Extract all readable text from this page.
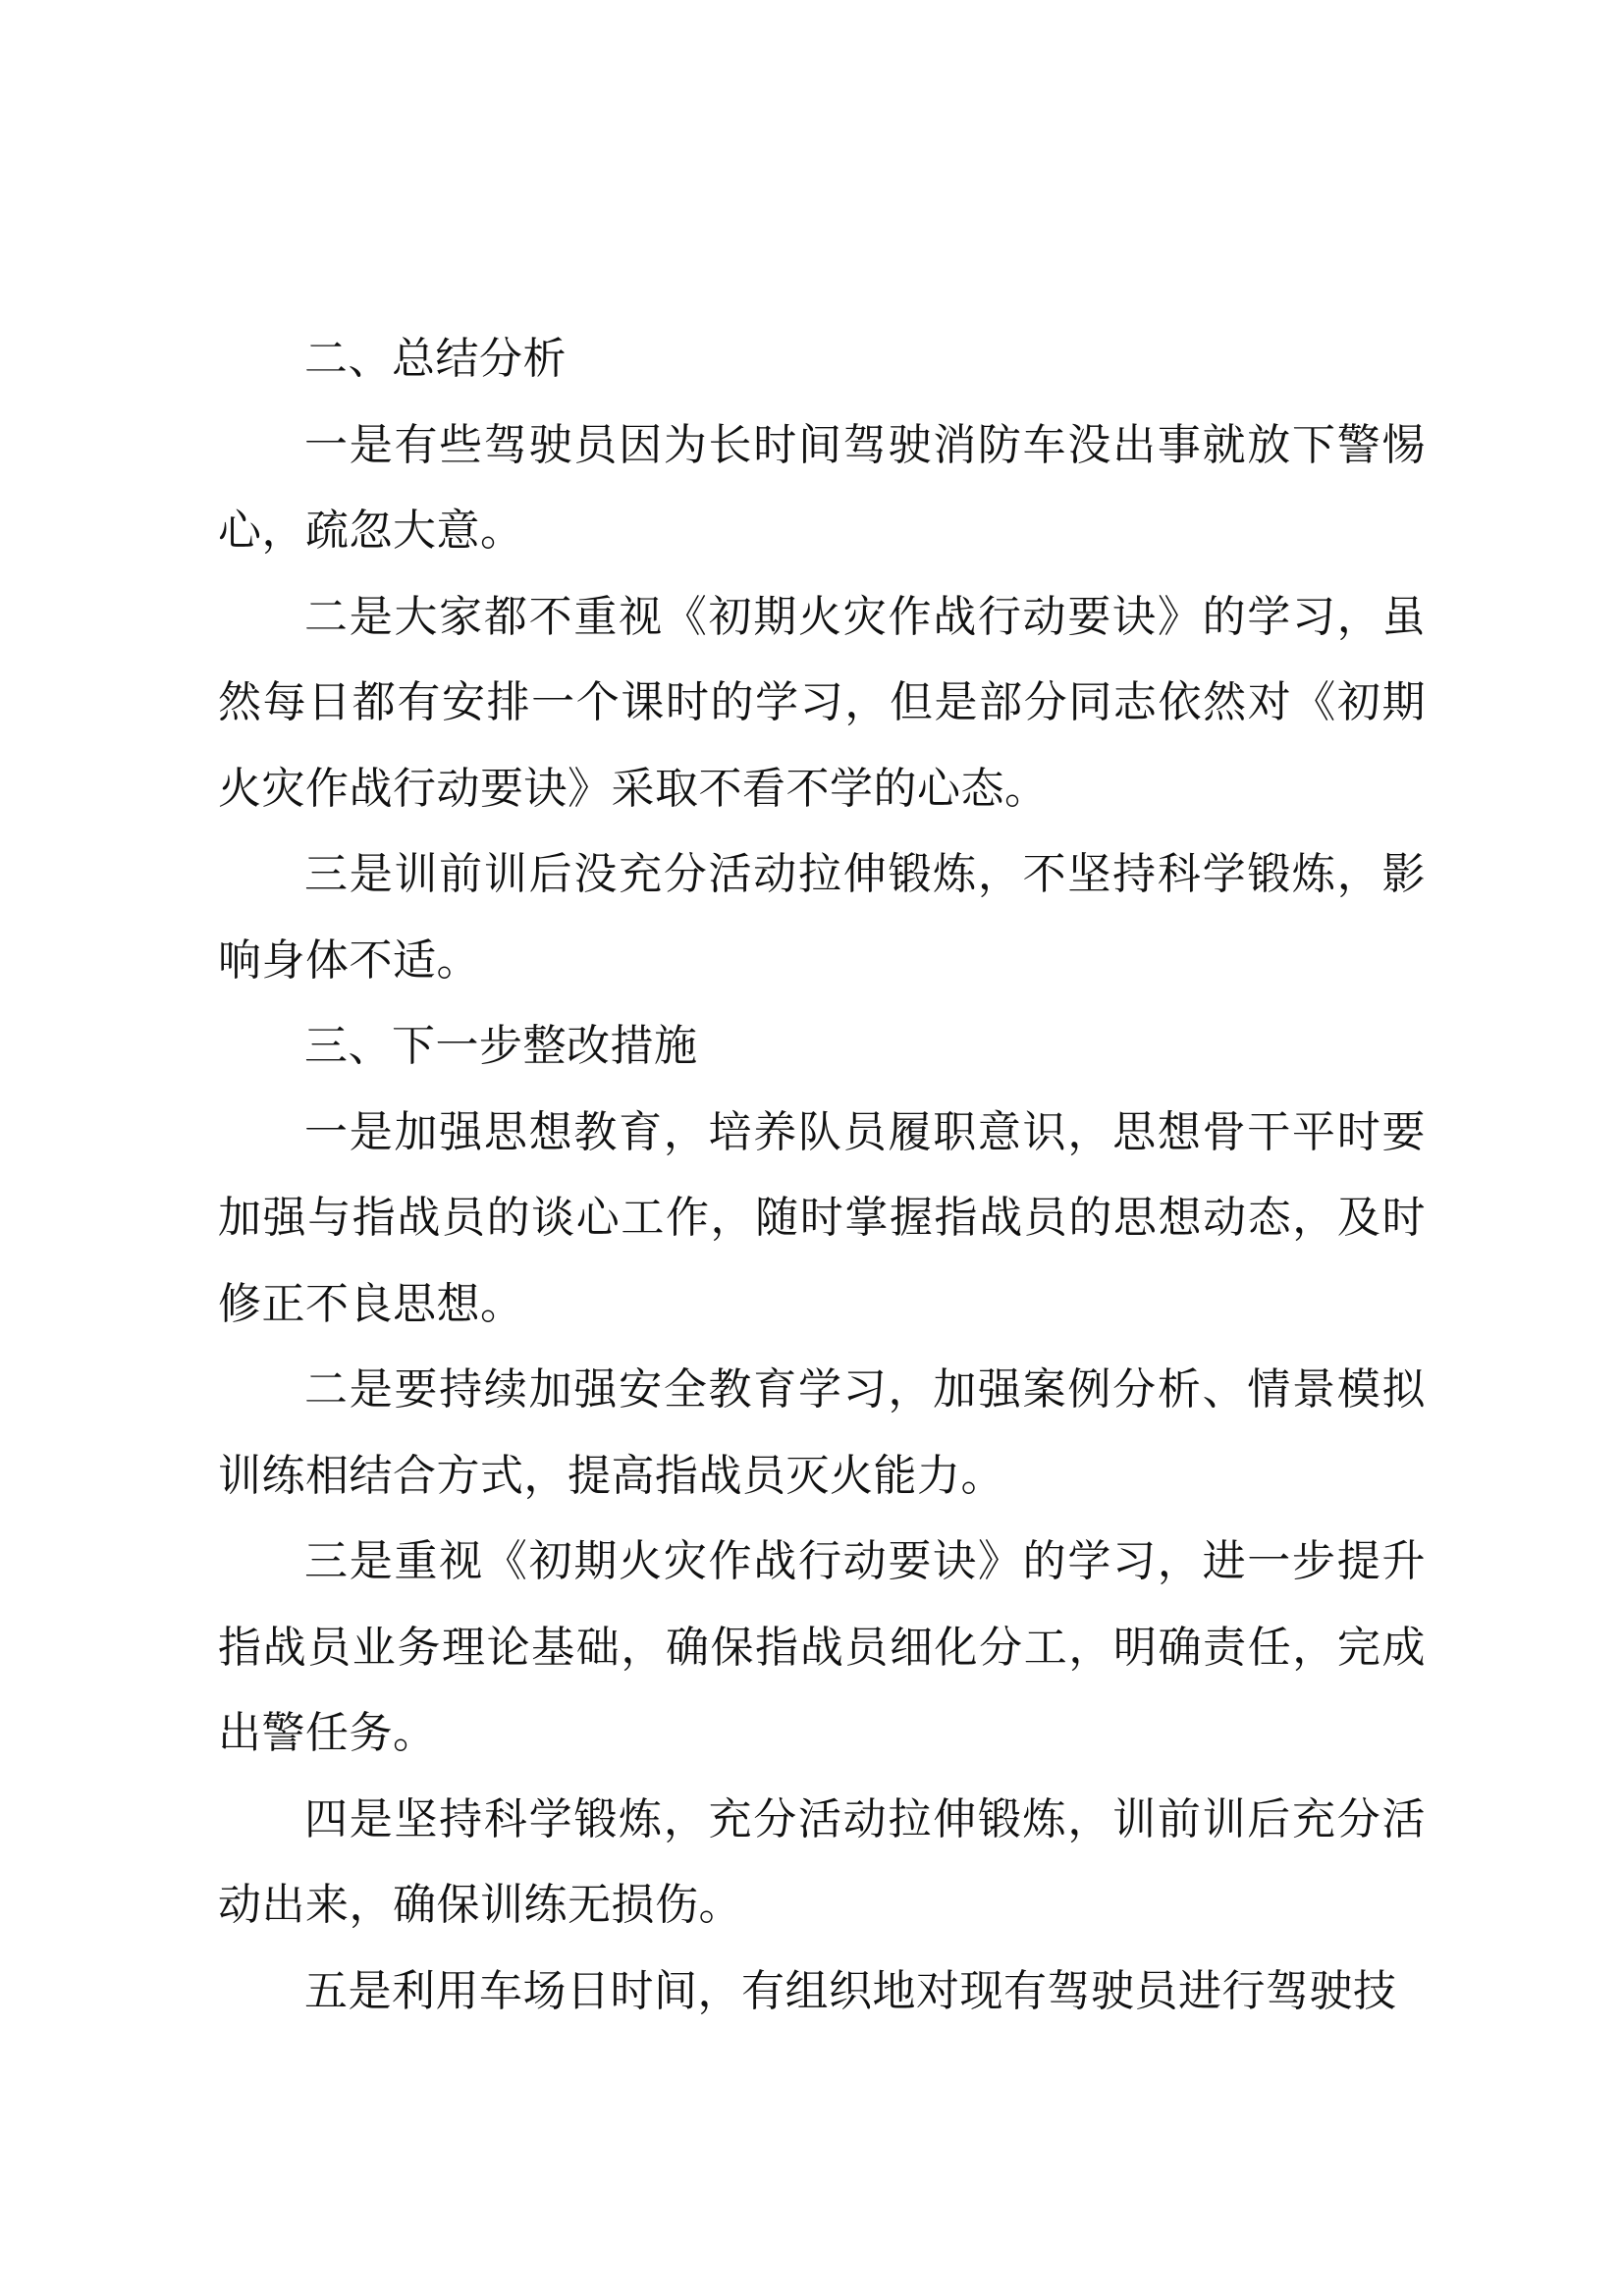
二、总结分析

一是有些驾驶员因为长时间驾驶消防车没出事就放下警惕心，疏忽大意。

二是大家都不重视《初期火灾作战行动要诀》的学习，虽然每日都有安排一个课时的学习，但是部分同志依然对《初期火灾作战行动要诀》采取不看不学的心态。

三是训前训后没充分活动拉伸锻炼，不坚持科学锻炼，影响身体不适。

三、下一步整改措施

一是加强思想教育，培养队员履职意识，思想骨干平时要加强与指战员的谈心工作，随时掌握指战员的思想动态，及时修正不良思想。

二是要持续加强安全教育学习，加强案例分析、情景模拟训练相结合方式，提高指战员灭火能力。

三是重视《初期火灾作战行动要诀》的学习，进一步提升指战员业务理论基础，确保指战员细化分工，明确责任，完成出警任务。

四是坚持科学锻炼，充分活动拉伸锻炼，训前训后充分活动出来，确保训练无损伤。

五是利用车场日时间，有组织地对现有驾驶员进行驾驶技
